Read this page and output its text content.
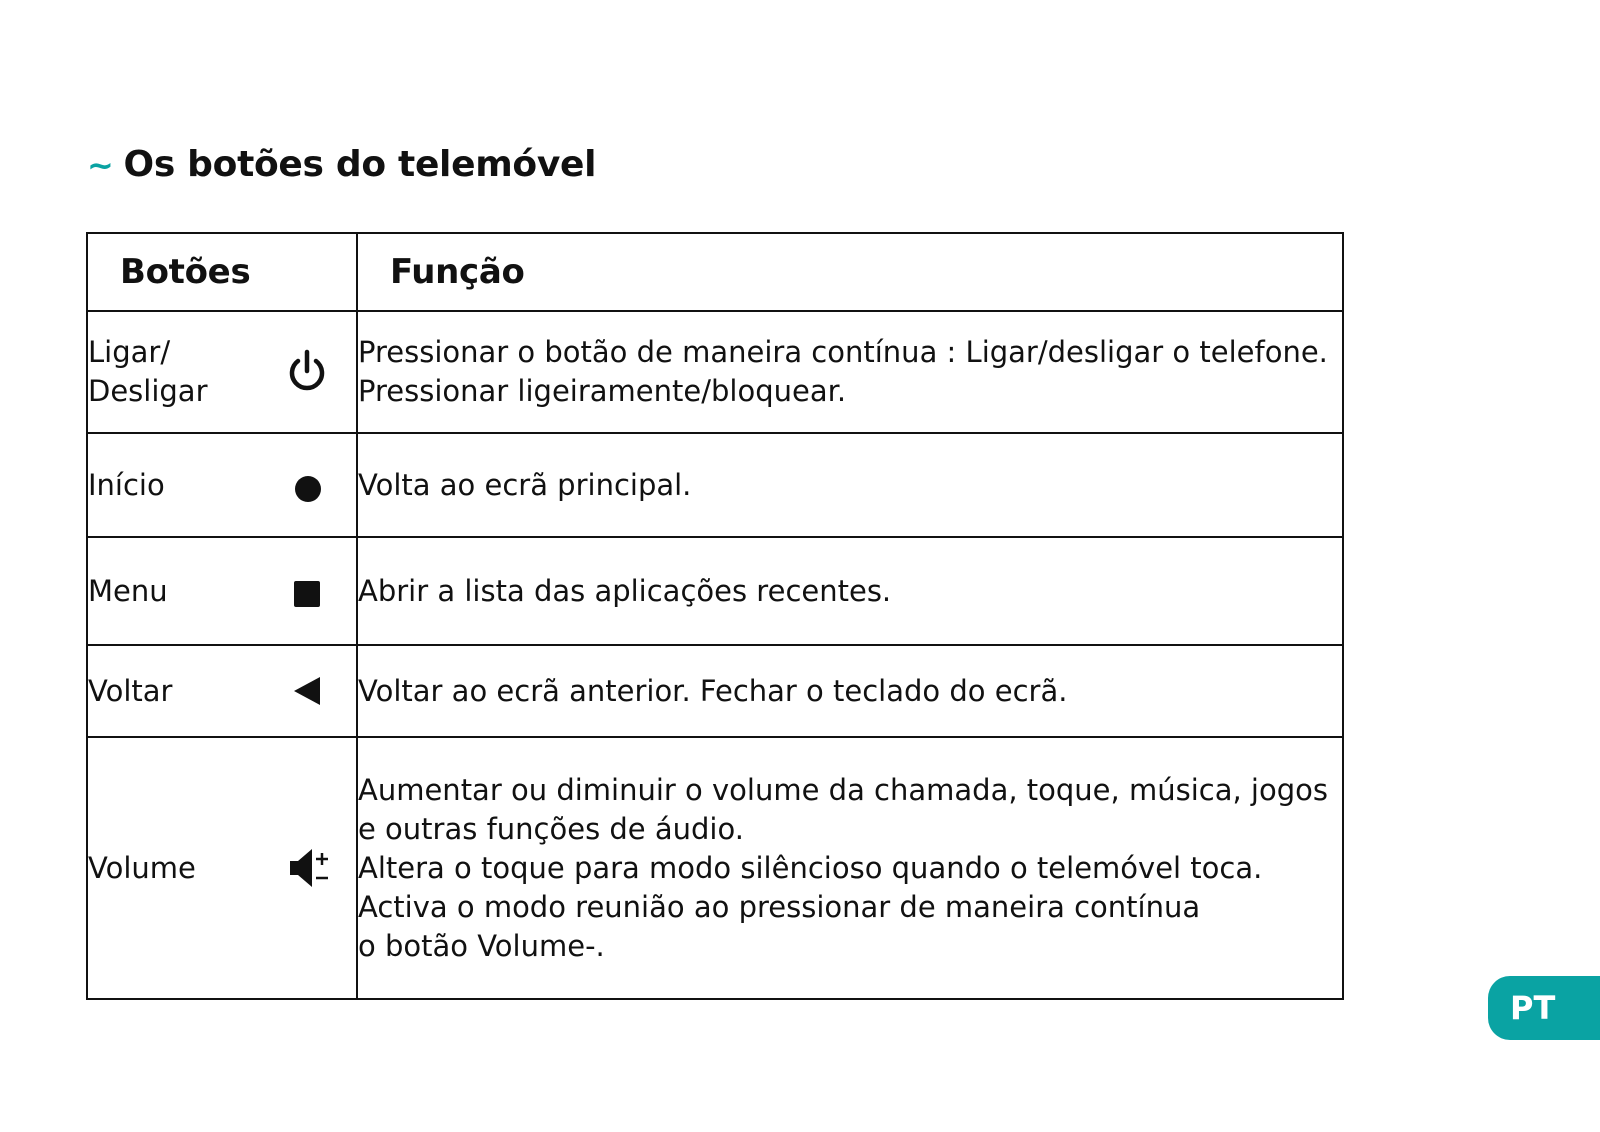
~ Os botões do telemóvel
Botões	Função

Ligar/
Desligar	Pressionar o botão de maneira contínua : Ligar/desligar o telefone.
Pressionar ligeiramente/bloquear.

Início	Volta ao ecrã principal.

Menu	Abrir a lista das aplicações recentes.

Voltar	Voltar ao ecrã anterior. Fechar o teclado do ecrã.

Volume	Aumentar ou diminuir o volume da chamada, toque, música, jogos
e outras funções de áudio.
Altera o toque para modo silêncioso quando o telemóvel toca.
Activa o modo reunião ao pressionar de maneira contínua
o botão Volume-.
PT
